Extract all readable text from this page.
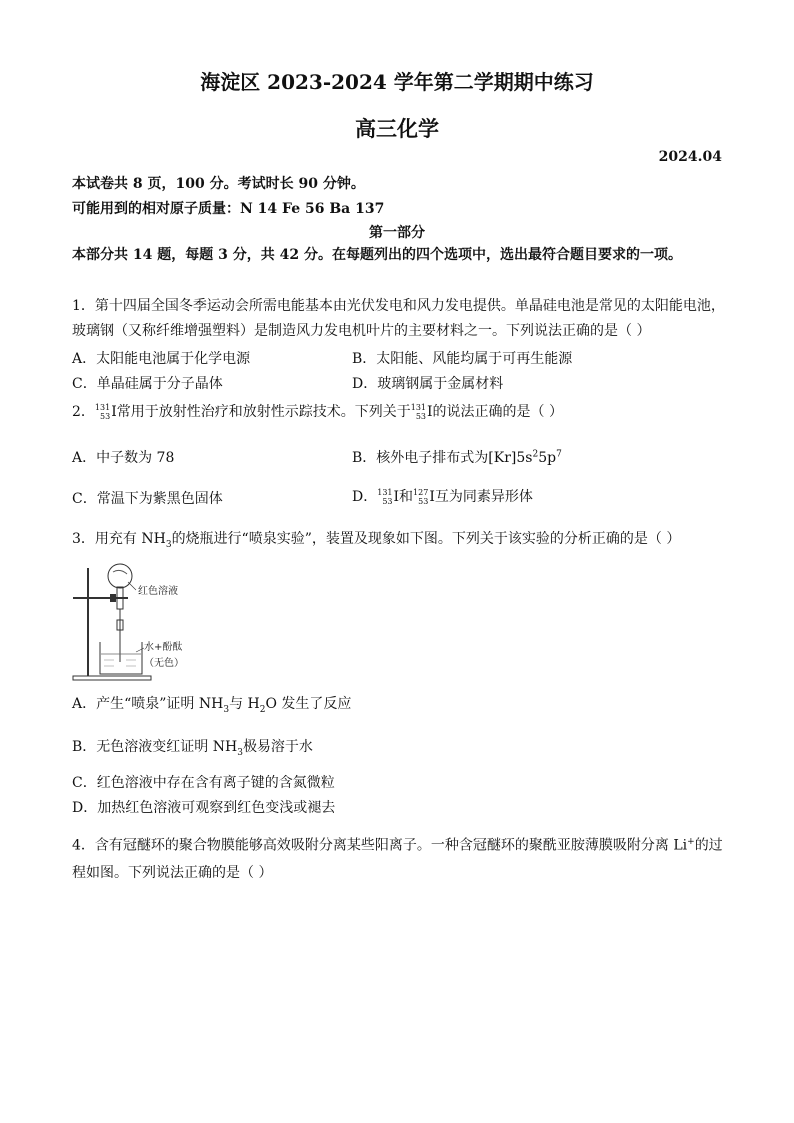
海淀区 2023-2024 学年第二学期期中练习
高三化学
2024.04
本试卷共 8 页，100 分。考试时长 90 分钟。
可能用到的相对原子质量：N 14 Fe 56 Ba 137
第一部分
本部分共 14 题，每题 3 分，共 42 分。在每题列出的四个选项中，选出最符合题目要求的一项。
1．第十四届全国冬季运动会所需电能基本由光伏发电和风力发电提供。单晶硅电池是常见的太阳能电池，玻璃钢（又称纤维增强塑料）是制造风力发电机叶片的主要材料之一。下列说法正确的是（ ）
A．太阳能电池属于化学电源	B．太阳能、风能均属于可再生能源
C．单晶硅属于分子晶体	D．玻璃钢属于金属材料
2． 131
53 I常用于放射性治疗和放射性示踪技术。下列关于 131
53 I的说法正确的是（ ）
A．中子数为 78	B．核外电子排布式为$[Kr]5s^25p^7$
C．常温下为紫黑色固体	D． 131
53 I和 127
53 I互为同素异形体
3．用充有 $NH_3$的烧瓶进行“喷泉实验”，装置及现象如下图。下列关于该实验的分析正确的是（ ）
红色溶液
水+酚酞
（无色）
A．产生“喷泉”证明 $NH_3$与 $H_2O$ 发生了反应
B．无色溶液变红证明 $NH_3$极易溶于水
C．红色溶液中存在含有离子键的含氮微粒
D．加热红色溶液可观察到红色变浅或褪去
4．含有冠醚环的聚合物膜能够高效吸附分离某些阳离子。一种含冠醚环的聚酰亚胺薄膜吸附分离 Li+的过
程如图。下列说法正确的是（ ）
